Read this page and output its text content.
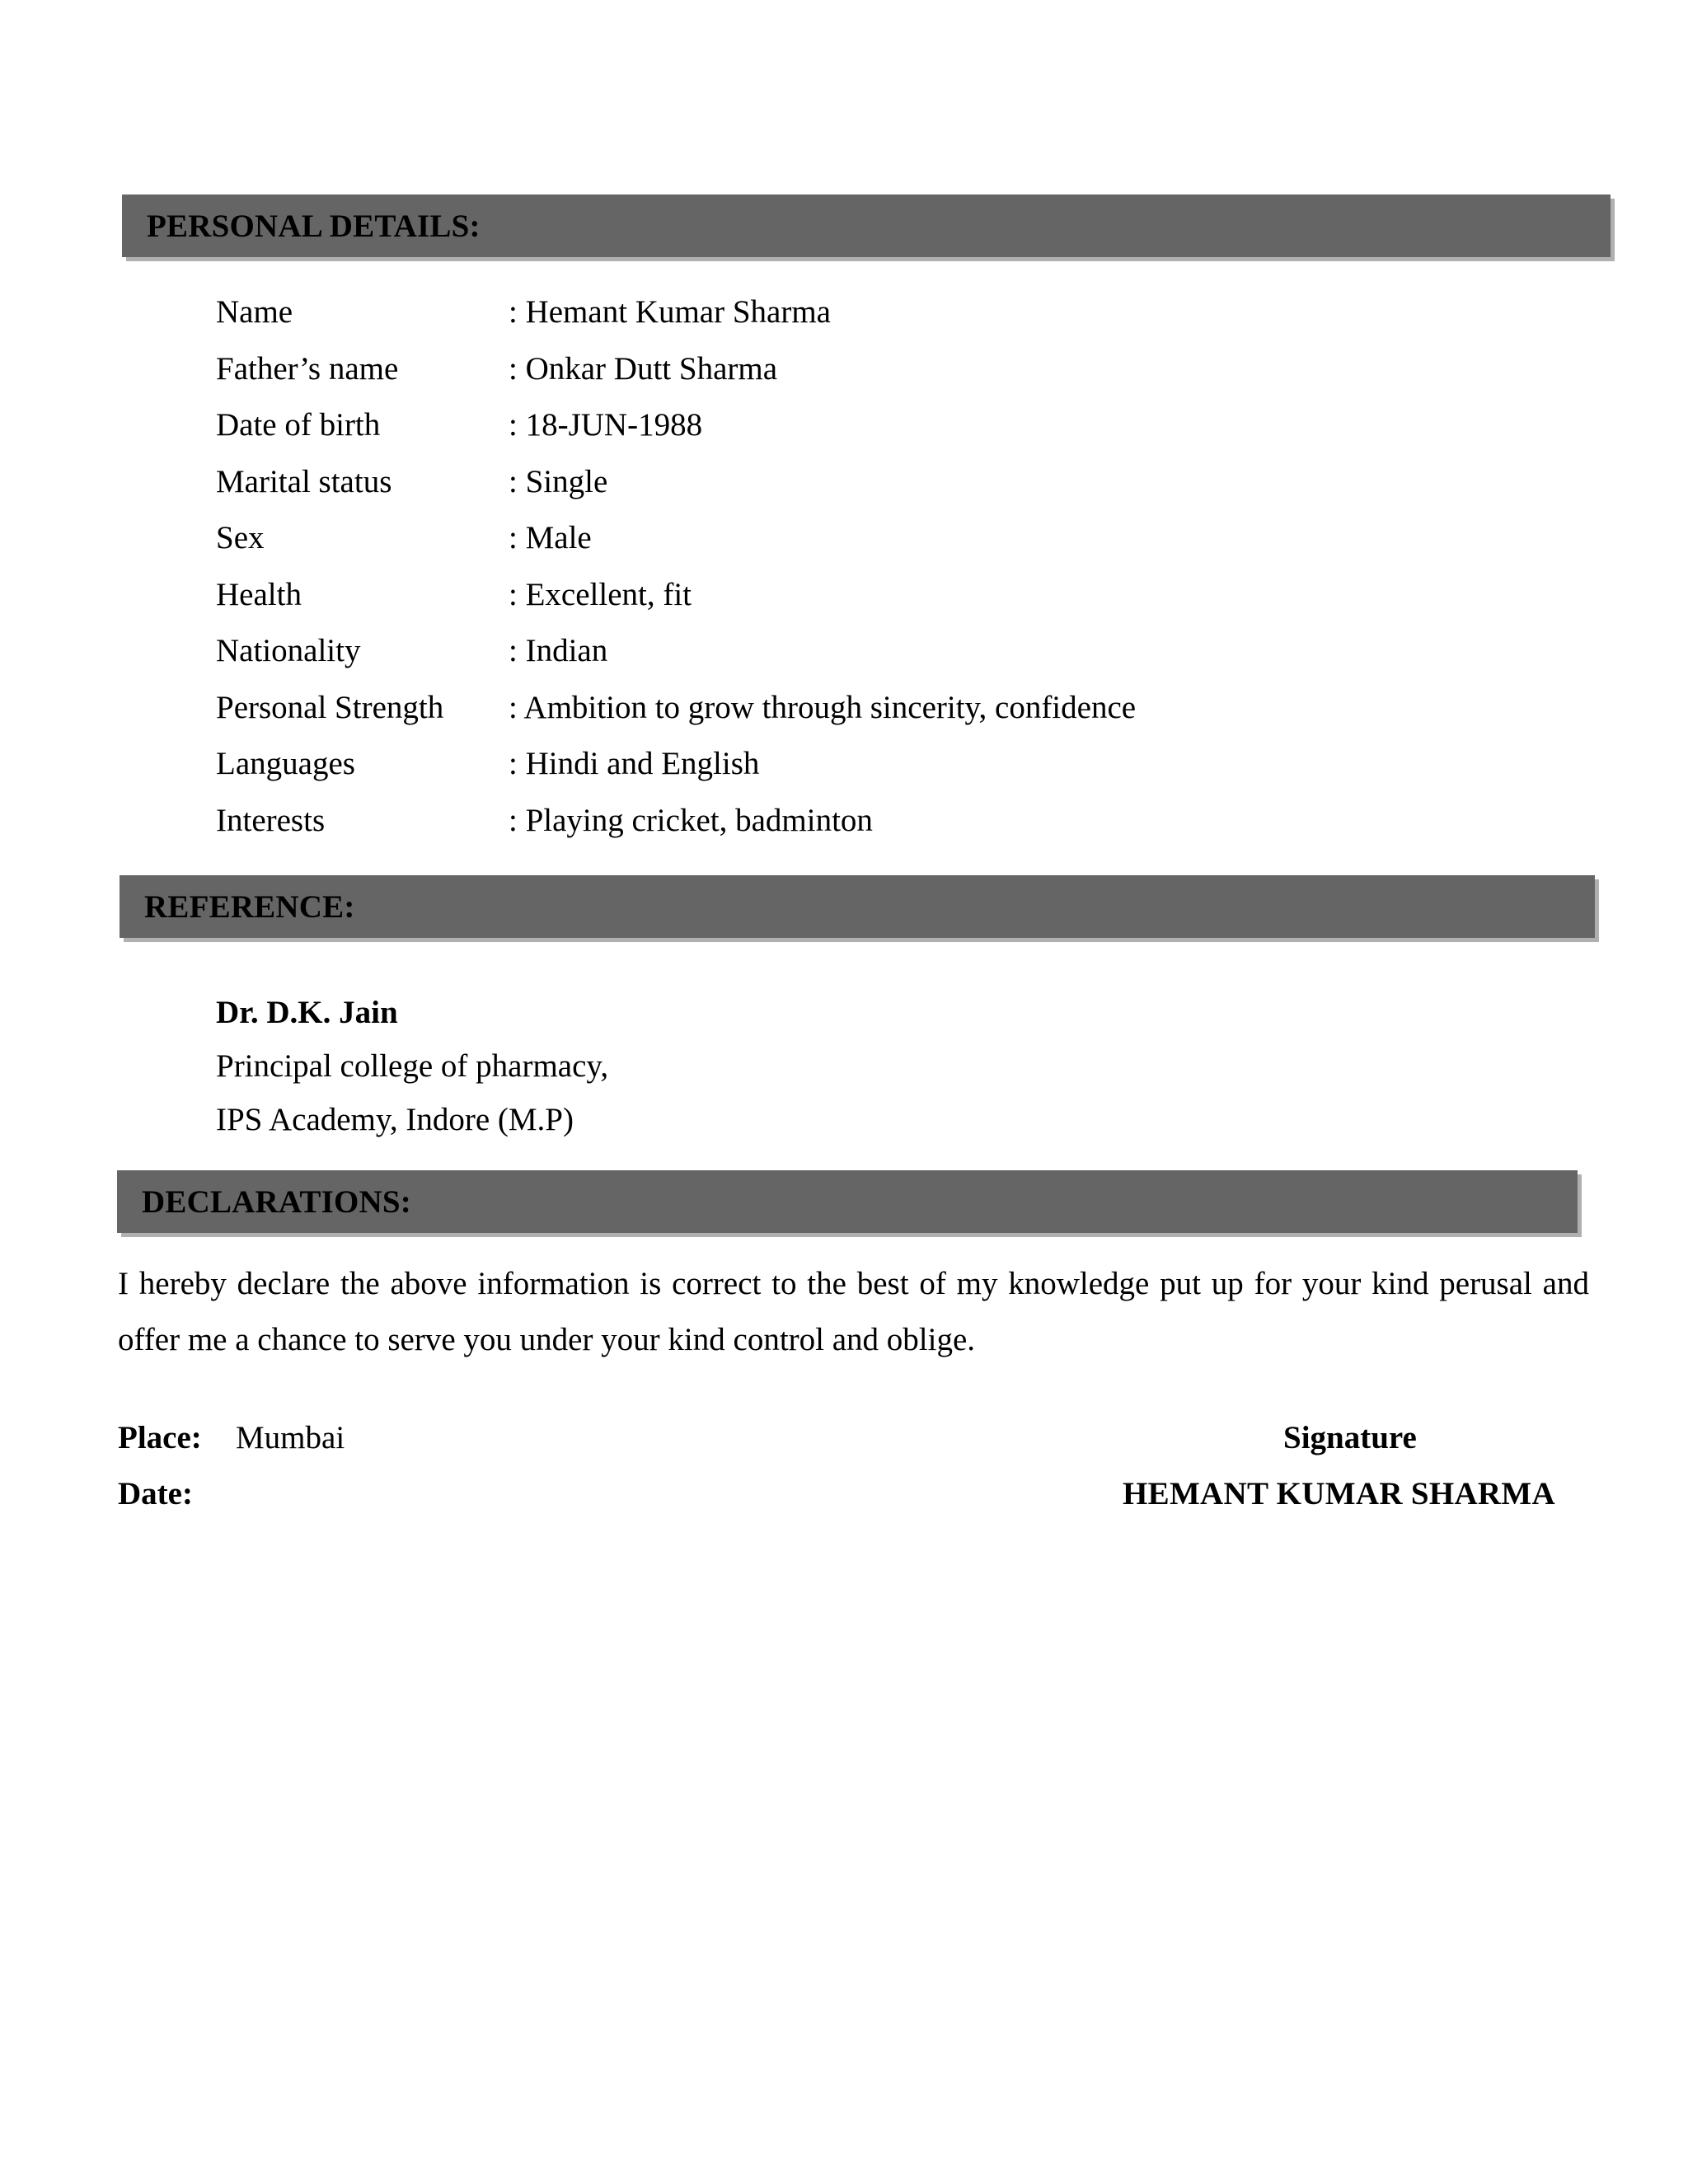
PERSONAL DETAILS:
Name	: Hemant Kumar Sharma
Father’s name	: Onkar Dutt Sharma
Date of birth	: 18-JUN-1988
Marital status	: Single
Sex	: Male
Health	: Excellent, fit
Nationality	: Indian
Personal Strength	: Ambition to grow through sincerity, confidence
Languages	: Hindi and English
Interests	: Playing cricket, badminton
REFERENCE:
Dr. D.K. Jain
Principal college of pharmacy,
IPS Academy, Indore (M.P)
DECLARATIONS:
I hereby declare the above information is correct to the best of my knowledge put up for your kind perusal and offer me a chance to serve you under your kind control and oblige.
Place: Mumbai
Date:
Signature
HEMANT KUMAR SHARMA
